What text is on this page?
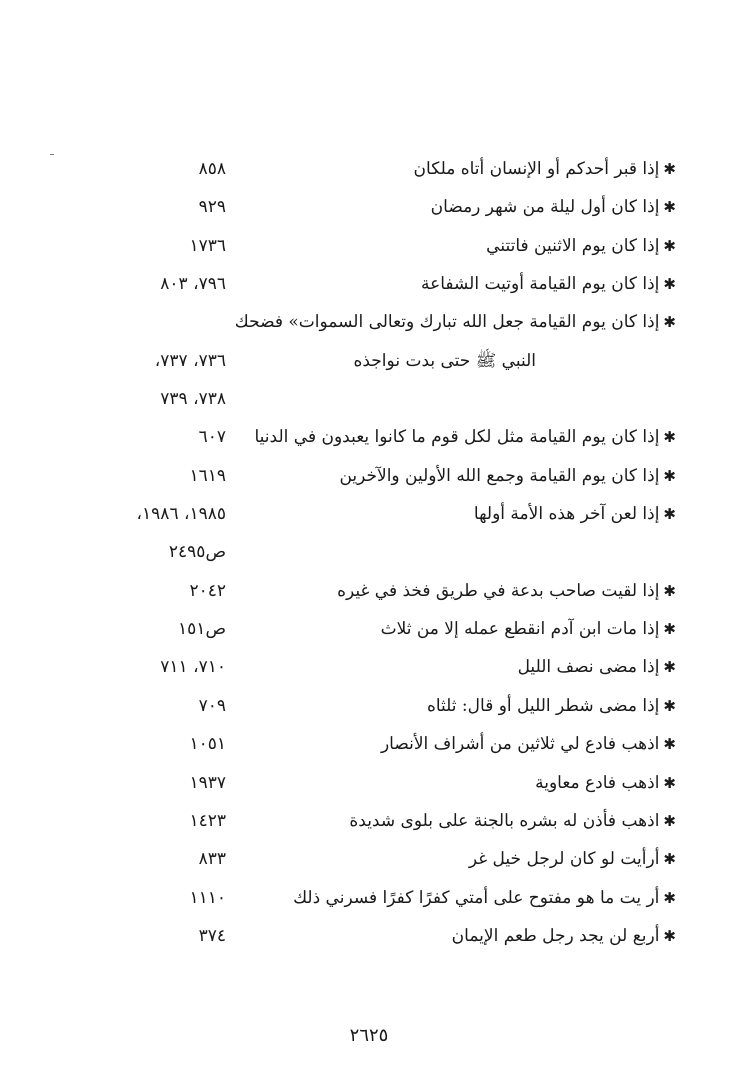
✱إذا قبر أحدكم أو الإنسان أتاه ملكان
٨٥٨
✱إذا كان أول ليلة من شهر رمضان
٩٢٩
✱إذا كان يوم الاثنين فاتتني
١٧٣٦
✱إذا كان يوم القيامة أوتيت الشفاعة
٧٩٦، ٨٠٣
✱إذا كان يوم القيامة جعل الله تبارك وتعالى السموات» فضحك
النبي ﷺ حتى بدت نواجذه
٧٣٦، ٧٣٧،
٧٣٨، ٧٣٩
✱إذا كان يوم القيامة مثل لكل قوم ما كانوا يعبدون في الدنيا
٦٠٧
✱إذا كان يوم القيامة وجمع الله الأولين والآخرين
١٦١٩
✱إذا لعن آخر هذه الأمة أولها
١٩٨٥، ١٩٨٦،
ص٢٤٩٥
✱إذا لقيت صاحب بدعة في طريق فخذ في غيره
٢٠٤٢
✱إذا مات ابن آدم انقطع عمله إلا من ثلاث
ص١٥١
✱إذا مضى نصف الليل
٧١٠، ٧١١
✱إذا مضى شطر الليل أو قال: ثلثاه
٧٠٩
✱اذهب فادع لي ثلاثين من أشراف الأنصار
١٠٥١
✱اذهب فادع معاوية
١٩٣٧
✱اذهب فأذن له بشره بالجنة على بلوى شديدة
١٤٢٣
✱أرأيت لو كان لرجل خيل غر
٨٣٣
✱أر يت ما هو مفتوح على أمتي كفرًا كفرًا فسرني ذلك
١١١٠
✱أربع لن يجد رجل طعم الإيمان
٣٧٤
٢٦٢٥
